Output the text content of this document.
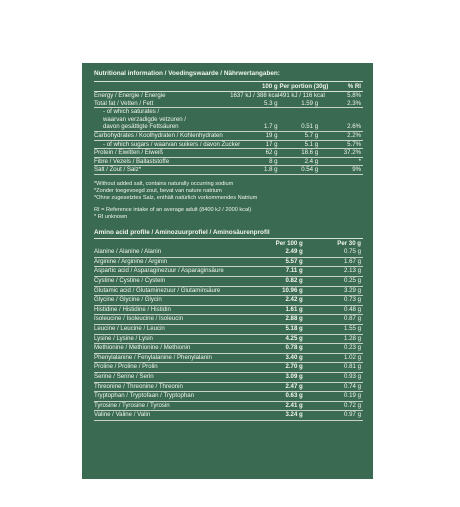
Nutritional information / Voedingswaarde / Nährwertangaben:
	100 g	Per portion (30g)		% RI
Energy / Energie / Energie	1637 kJ / 388 kcal	491 kJ / 116 kcal		5.8%
Total fat / Vetten / Fett	5.3 g	1.59 g		2.3%
- of which saturates /				
waarvan verzadigde vetzuren /				
davon gesättigte Fettsäuren	1.7 g	0.51 g		2.6%
Carbohydrates / Koolhydraten / Kohlenhydraten	19 g	5.7 g		2.2%
- of which sugars / waarvan suikers / davon Zucker	17 g	5.1 g		5.7%
Protein / Eiwitten / Eiweiß	62 g	18.6 g		37.2%
Fibre / Vezels / Ballaststoffe	8 g	2.4 g		*
Salt / Zout / Salz*	1.8 g	0.54 g		9%
*Without added salt, contains naturally occurring sodium
*Zonder toegevoegd zout, bevat van nature natrium
*Ohne zugesetztes Salz, enthält natürlich vorkommendes Natrium
RI = Reference intake of an average adult (8400 kJ / 2000 kcal)
* RI unknown
Amino acid profile / Aminozuurprofiel / Aminosäurenprofil
	Per 100 g	Per 30 g
Alanine / Alanine / Alanin	2.49 g	0.75 g
Arginine / Arginine / Arginin	5.57 g	1.67 g
Aspartic acid / Asparaginezuur / Asparaginsäure	7.11 g	2.13 g
Cystine / Cystine / Cystein	0.82 g	0.25 g
Glutamic acid / Glutaminezuur / Glutaminsäure	10.96 g	3.29 g
Glycine / Glycine / Glycin	2.42 g	0.73 g
Histidine / Histidine / Histidin	1.61 g	0.48 g
Isoleucine / Isoleucine / Isoleucin	2.88 g	0.87 g
Leucine / Leucine / Leucin	5.18 g	1.55 g
Lysine / Lysine / Lysin	4.25 g	1.28 g
Methionine / Methionine / Methionin	0.78 g	0.23 g
Phenylalanine / Fenylalanine / Phenylalanin	3.40 g	1.02 g
Proline / Proline / Prolin	2.70 g	0.81 g
Serine / Serine / Serin	3.09 g	0.93 g
Threonine / Threonine / Threonin	2.47 g	0.74 g
Tryptophan / Tryptofaan / Tryptophan	0.63 g	0.19 g
Tyrosine / Tyrosine / Tyrosin	2.41 g	0.72 g
Valine / Valine / Valin	3.24 g	0.97 g
